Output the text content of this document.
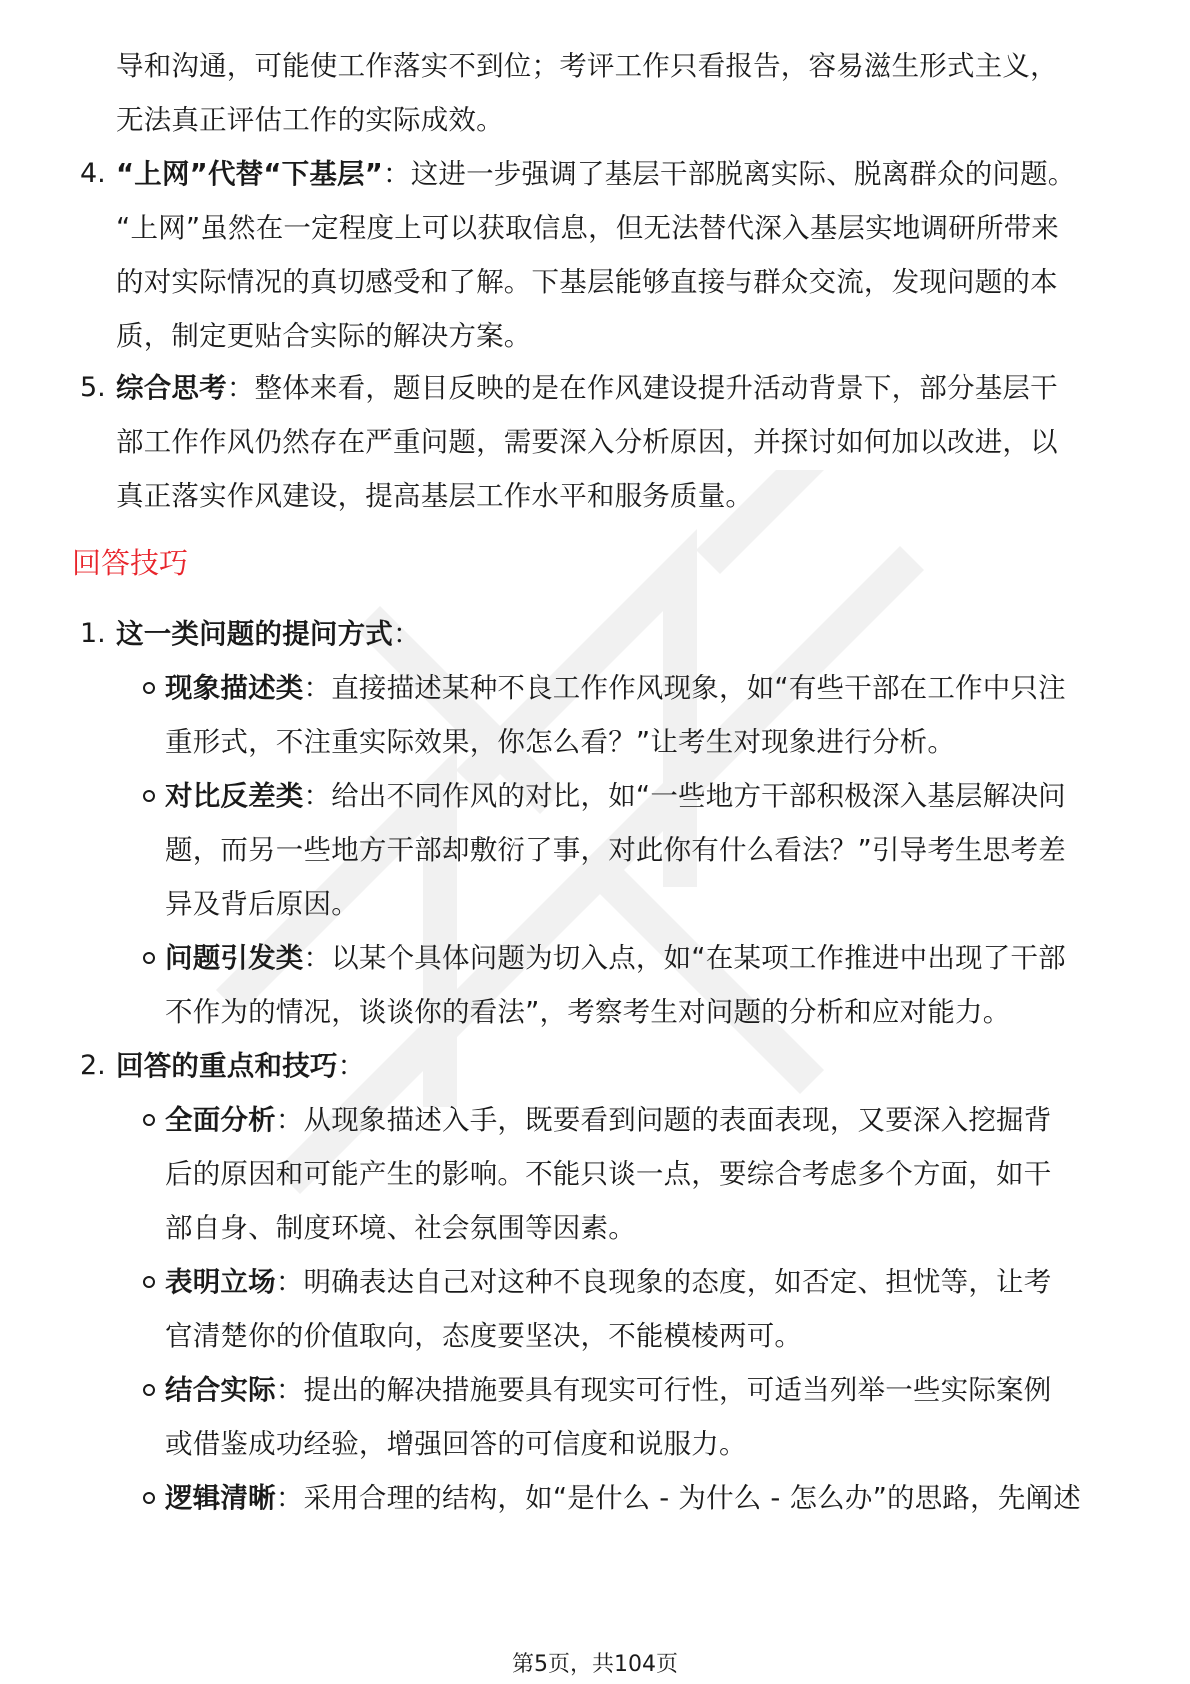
导和沟通，可能使工作落实不到位；考评工作只看报告，容易滋生形式主义，
无法真正评估工作的实际成效。
4. “上网”代替“下基层”：这进一步强调了基层干部脱离实际、脱离群众的问题。
“上网”虽然在一定程度上可以获取信息，但无法替代深入基层实地调研所带来
的对实际情况的真切感受和了解。下基层能够直接与群众交流，发现问题的本
质，制定更贴合实际的解决方案。
5. 综合思考：整体来看，题目反映的是在作风建设提升活动背景下，部分基层干
部工作作风仍然存在严重问题，需要深入分析原因，并探讨如何加以改进，以
真正落实作风建设，提高基层工作水平和服务质量。
回答技巧
1. 这一类问题的提问方式：
现象描述类：直接描述某种不良工作作风现象，如“有些干部在工作中只注
重形式，不注重实际效果，你怎么看？”让考生对现象进行分析。
对比反差类：给出不同作风的对比，如“一些地方干部积极深入基层解决问
题，而另一些地方干部却敷衍了事，对此你有什么看法？”引导考生思考差
异及背后原因。
问题引发类：以某个具体问题为切入点，如“在某项工作推进中出现了干部
不作为的情况，谈谈你的看法”，考察考生对问题的分析和应对能力。
2. 回答的重点和技巧：
全面分析：从现象描述入手，既要看到问题的表面表现，又要深入挖掘背
后的原因和可能产生的影响。不能只谈一点，要综合考虑多个方面，如干
部自身、制度环境、社会氛围等因素。
表明立场：明确表达自己对这种不良现象的态度，如否定、担忧等，让考
官清楚你的价值取向，态度要坚决，不能模棱两可。
结合实际：提出的解决措施要具有现实可行性，可适当列举一些实际案例
或借鉴成功经验，增强回答的可信度和说服力。
逻辑清晰：采用合理的结构，如“是什么 - 为什么 - 怎么办”的思路，先阐述
第5页，共104页
